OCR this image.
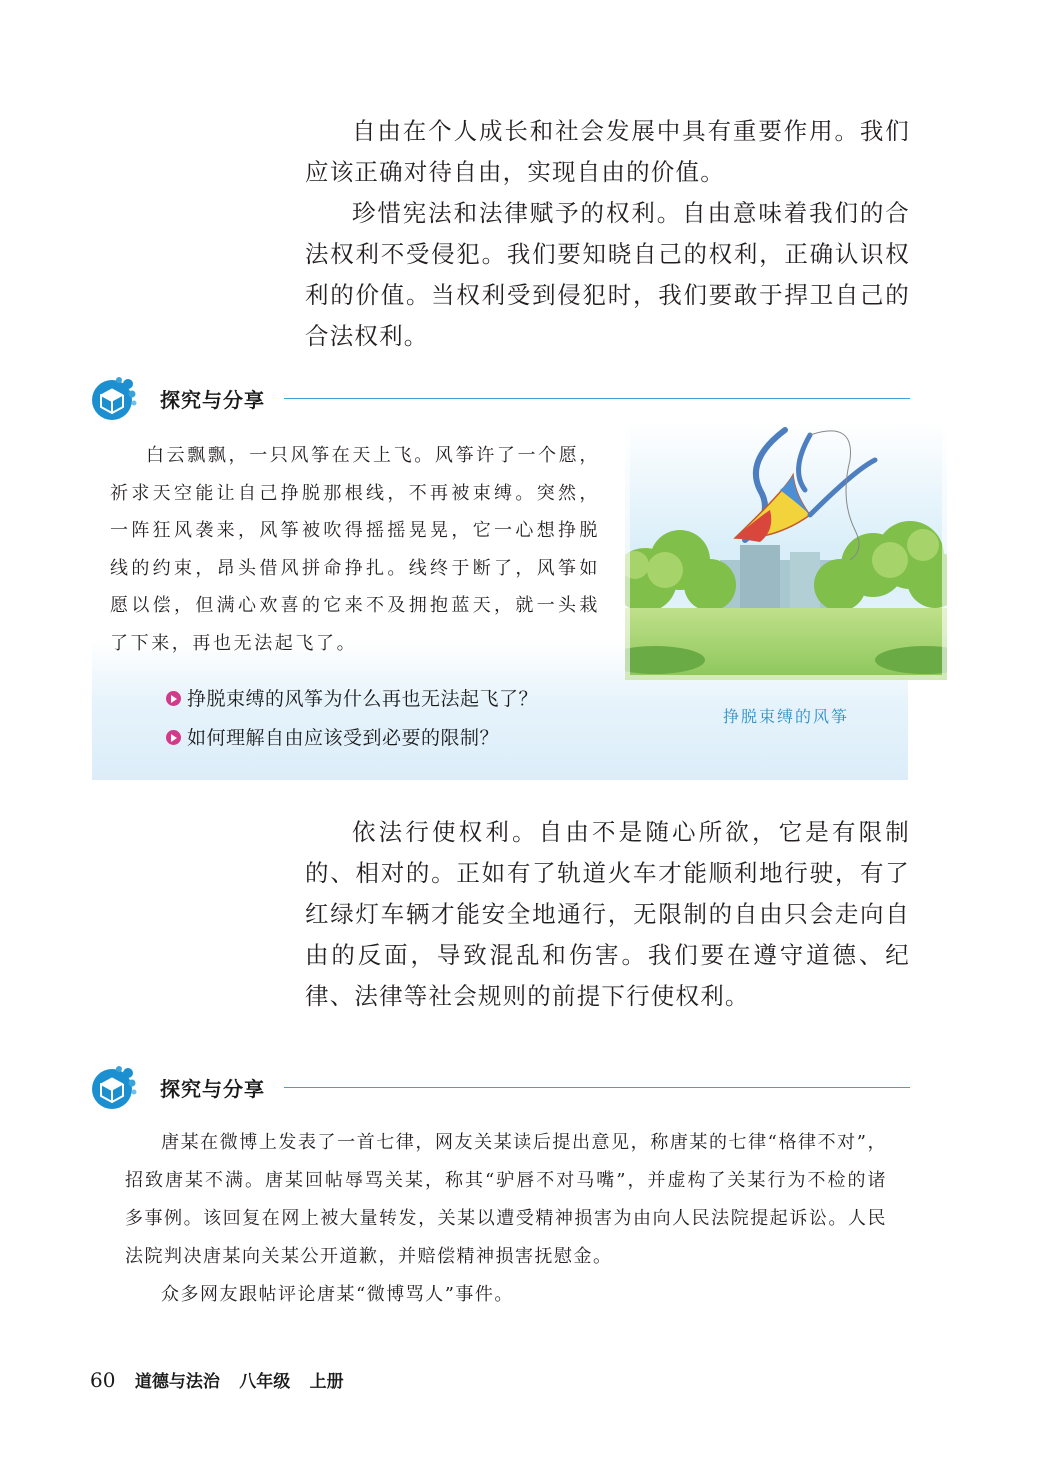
自由在个人成长和社会发展中具有重要作用。我们应该正确对待自由，实现自由的价值。

珍惜宪法和法律赋予的权利。自由意味着我们的合法权利不受侵犯。我们要知晓自己的权利，正确认识权利的价值。当权利受到侵犯时，我们要敢于捍卫自己的合法权利。

探究与分享

白云飘飘，一只风筝在天上飞。风筝许了一个愿，祈求天空能让自己挣脱那根线，不再被束缚。突然，一阵狂风袭来，风筝被吹得摇摇晃晃，它一心想挣脱线的约束，昂头借风拼命挣扎。线终于断了，风筝如愿以偿，但满心欢喜的它来不及拥抱蓝天，就一头栽了下来，再也无法起飞了。

挣脱束缚的风筝为什么再也无法起飞了？
如何理解自由应该受到必要的限制？
挣脱束缚的风筝

依法行使权利。自由不是随心所欲，它是有限制的、相对的。正如有了轨道火车才能顺利地行驶，有了红绿灯车辆才能安全地通行，无限制的自由只会走向自由的反面，导致混乱和伤害。我们要在遵守道德、纪律、法律等社会规则的前提下行使权利。

探究与分享

唐某在微博上发表了一首七律，网友关某读后提出意见，称唐某的七律“格律不对”，招致唐某不满。唐某回帖辱骂关某，称其“驴唇不对马嘴”，并虚构了关某行为不检的诸多事例。该回复在网上被大量转发，关某以遭受精神损害为由向人民法院提起诉讼。人民法院判决唐某向关某公开道歉，并赔偿精神损害抚慰金。

众多网友跟帖评论唐某“微博骂人”事件。

60 道德与法治 八年级 上册
